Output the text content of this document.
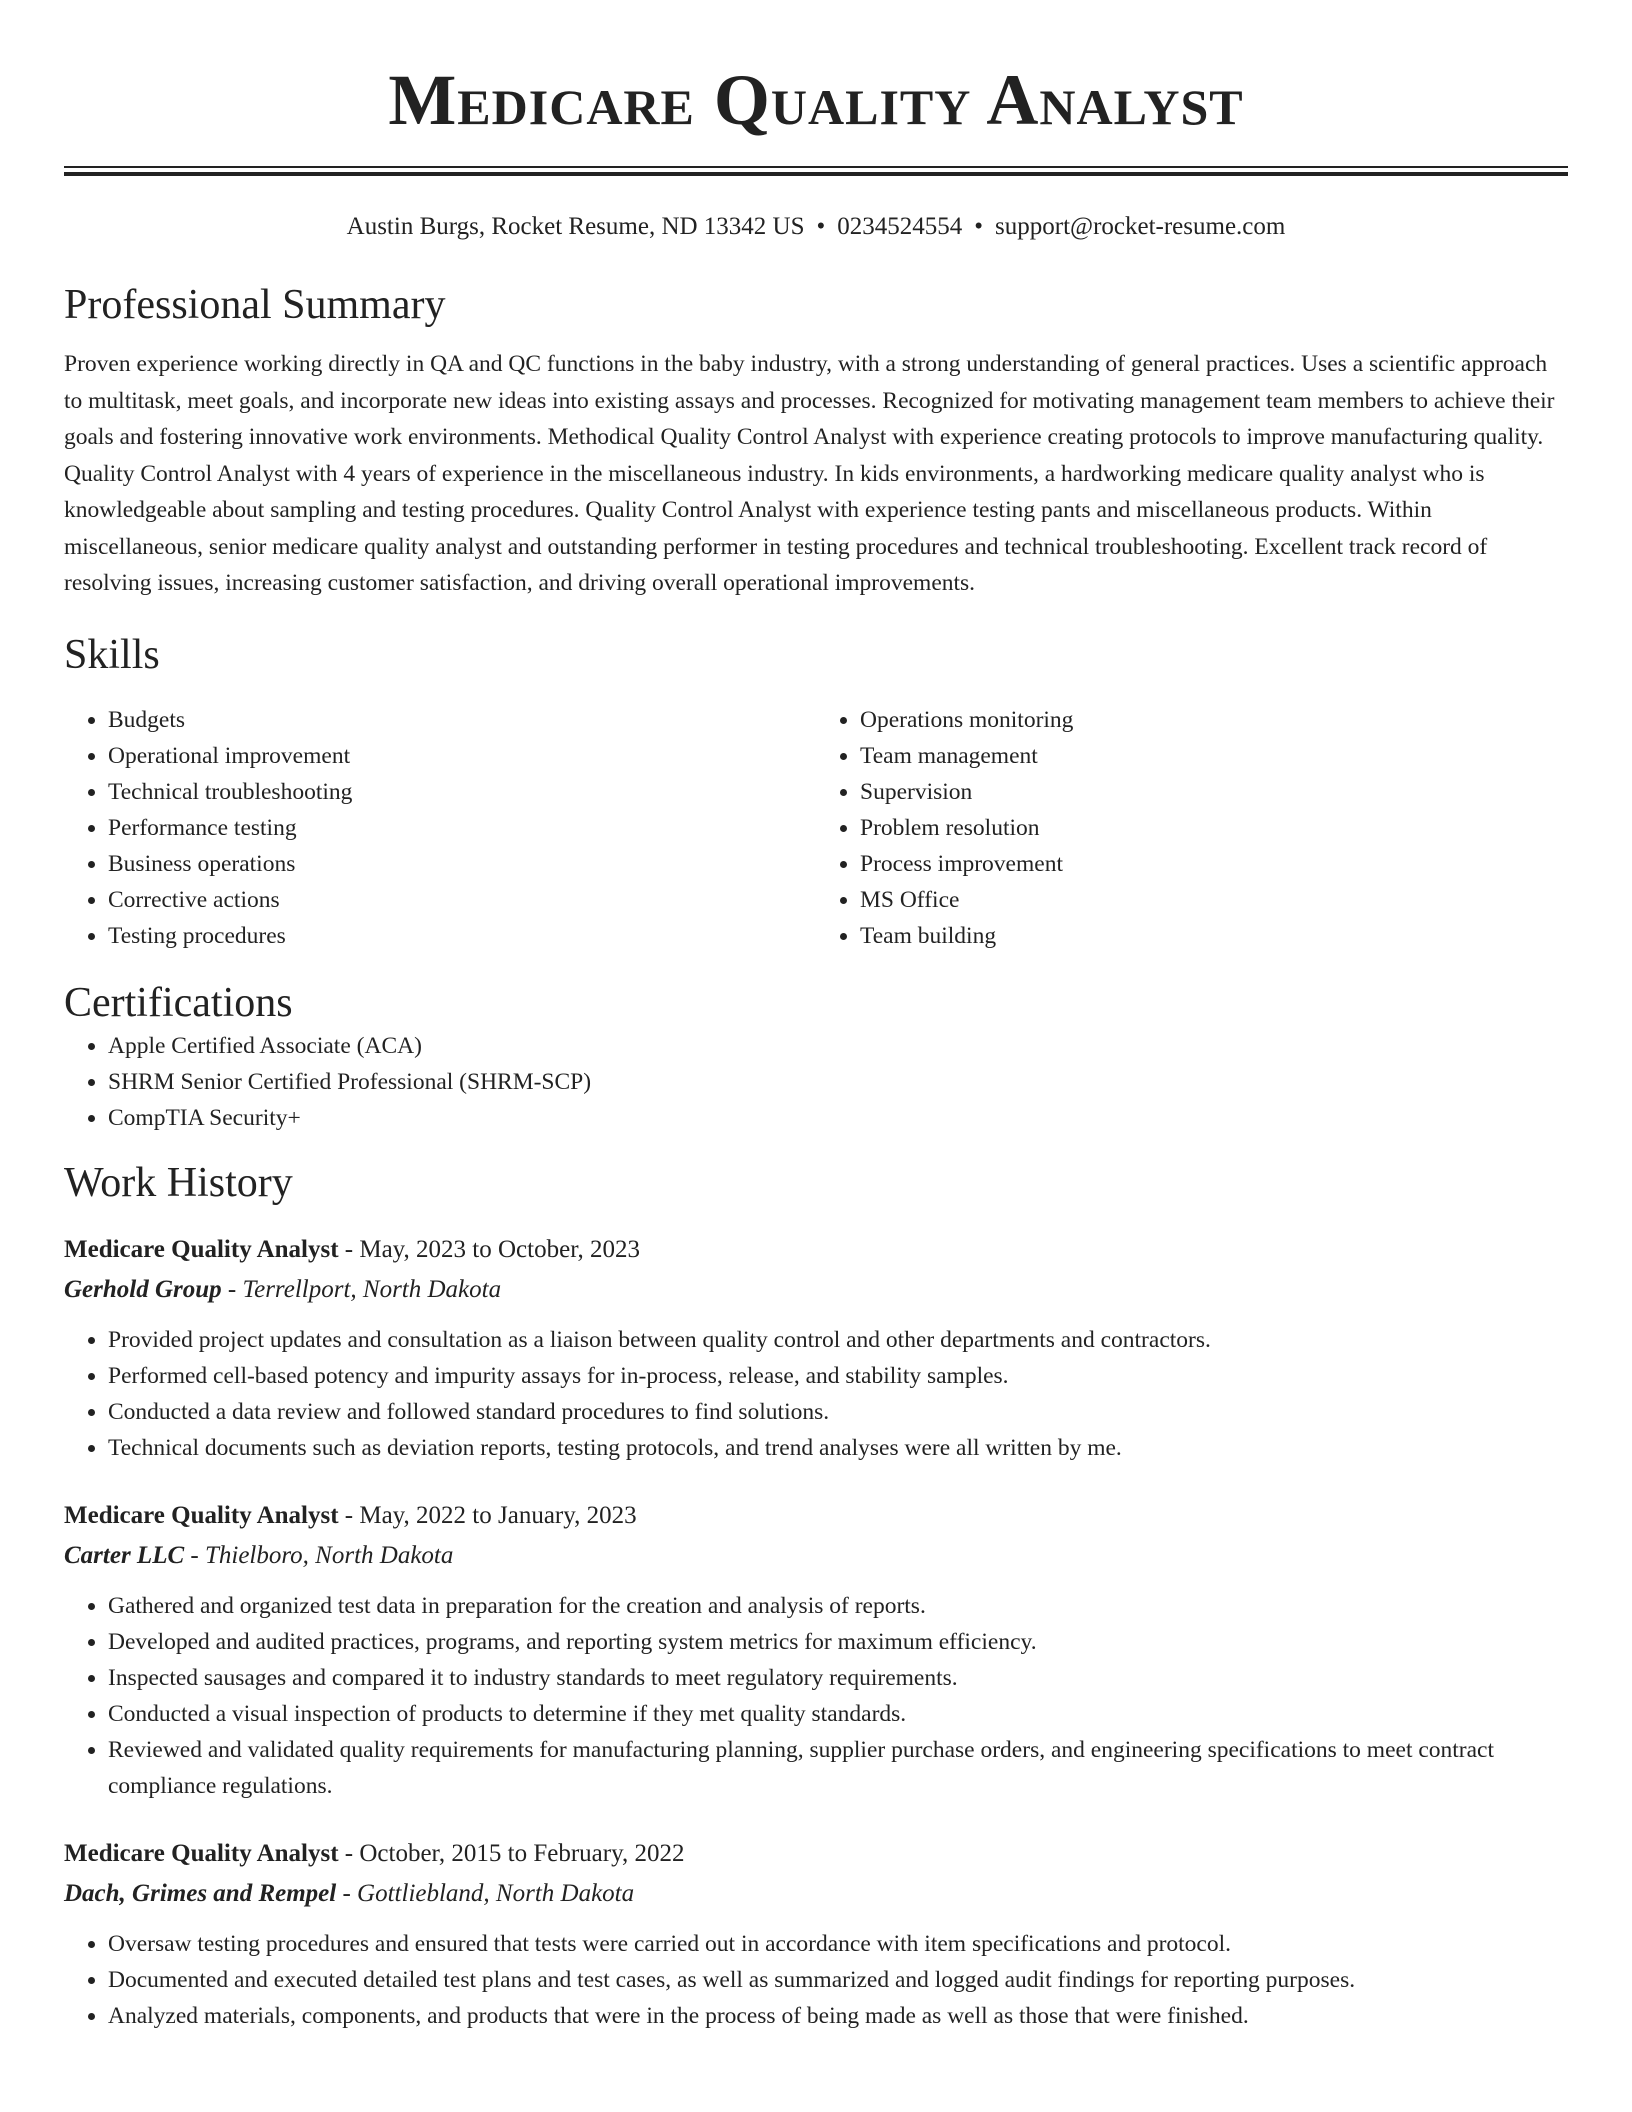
Medicare Quality Analyst
Austin Burgs, Rocket Resume, ND 13342 US • 0234524554 • support@rocket-resume.com
Professional Summary

Proven experience working directly in QA and QC functions in the baby industry, with a strong understanding of general practices. Uses a scientific approach to multitask, meet goals, and incorporate new ideas into existing assays and processes. Recognized for motivating management team members to achieve their goals and fostering innovative work environments. Methodical Quality Control Analyst with experience creating protocols to improve manufacturing quality. Quality Control Analyst with 4 years of experience in the miscellaneous industry. In kids environments, a hardworking medicare quality analyst who is knowledgeable about sampling and testing procedures. Quality Control Analyst with experience testing pants and miscellaneous products. Within miscellaneous, senior medicare quality analyst and outstanding performer in testing procedures and technical troubleshooting. Excellent track record of resolving issues, increasing customer satisfaction, and driving overall operational improvements.

Skills
• Budgets
• Operational improvement
• Technical troubleshooting
• Performance testing
• Business operations
• Corrective actions
• Testing procedures
• Operations monitoring
• Team management
• Supervision
• Problem resolution
• Process improvement
• MS Office
• Team building
Certifications
• Apple Certified Associate (ACA)
• SHRM Senior Certified Professional (SHRM-SCP)
• CompTIA Security+
Work History
Medicare Quality Analyst - May, 2023 to October, 2023
Gerhold Group - Terrellport, North Dakota
• Provided project updates and consultation as a liaison between quality control and other departments and contractors.
• Performed cell-based potency and impurity assays for in-process, release, and stability samples.
• Conducted a data review and followed standard procedures to find solutions.
• Technical documents such as deviation reports, testing protocols, and trend analyses were all written by me.
Medicare Quality Analyst - May, 2022 to January, 2023
Carter LLC - Thielboro, North Dakota
• Gathered and organized test data in preparation for the creation and analysis of reports.
• Developed and audited practices, programs, and reporting system metrics for maximum efficiency.
• Inspected sausages and compared it to industry standards to meet regulatory requirements.
• Conducted a visual inspection of products to determine if they met quality standards.
• Reviewed and validated quality requirements for manufacturing planning, supplier purchase orders, and engineering specifications to meet contract compliance regulations.
Medicare Quality Analyst - October, 2015 to February, 2022
Dach, Grimes and Rempel - Gottliebland, North Dakota
• Oversaw testing procedures and ensured that tests were carried out in accordance with item specifications and protocol.
• Documented and executed detailed test plans and test cases, as well as summarized and logged audit findings for reporting purposes.
• Analyzed materials, components, and products that were in the process of being made as well as those that were finished.
